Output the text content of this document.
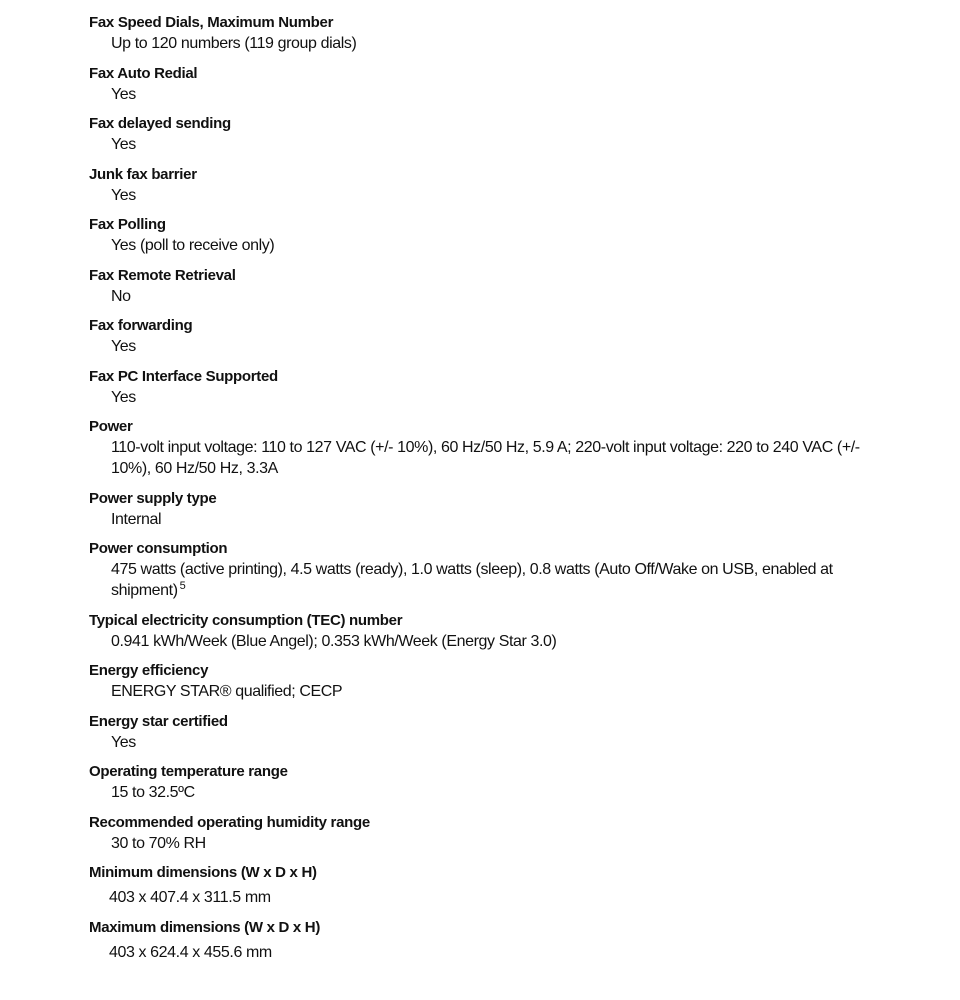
Fax Speed Dials, Maximum Number
Up to 120 numbers (119 group dials)
Fax Auto Redial
Yes
Fax delayed sending
Yes
Junk fax barrier
Yes
Fax Polling
Yes (poll to receive only)
Fax Remote Retrieval
No
Fax forwarding
Yes
Fax PC Interface Supported
Yes
Power
110-volt input voltage: 110 to 127 VAC (+/- 10%), 60 Hz/50 Hz, 5.9 A; 220-volt input voltage: 220 to 240 VAC (+/- 10%), 60 Hz/50 Hz, 3.3A
Power supply type
Internal
Power consumption
475 watts (active printing), 4.5 watts (ready), 1.0 watts (sleep), 0.8 watts (Auto Off/Wake on USB, enabled at shipment) $^5$
Typical electricity consumption (TEC) number
0.941 kWh/Week (Blue Angel); 0.353 kWh/Week (Energy Star 3.0)
Energy efficiency
ENERGY STAR® qualified; CECP
Energy star certified
Yes
Operating temperature range
15 to 32.5ºC
Recommended operating humidity range
30 to 70% RH
Minimum dimensions (W x D x H)
403 x 407.4 x 311.5 mm
Maximum dimensions (W x D x H)
403 x 624.4 x 455.6 mm
